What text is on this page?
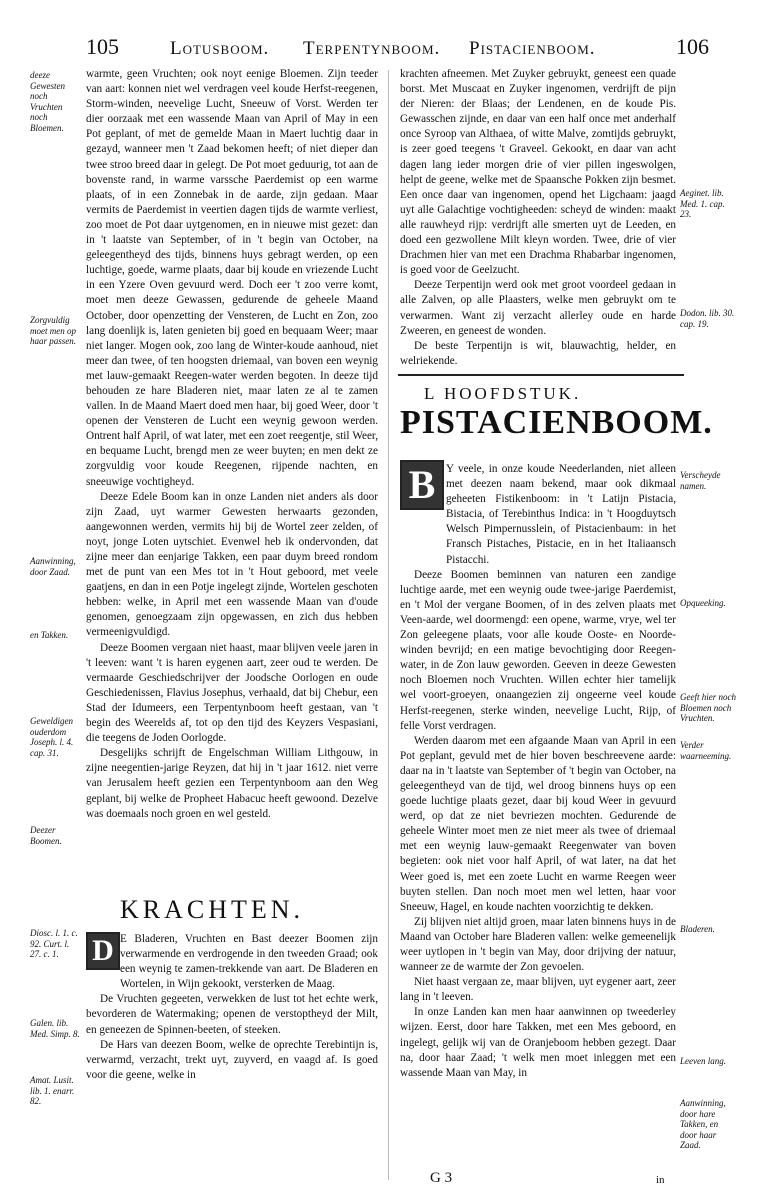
105	Lotusboom. Terpentynboom. Pistacienboom.	106
deeze Gewesten noch Vruchten noch Bloemen.
Zorgvuldig moet men op haar passen.
Aanwinning, door Zaad.
en Takken.
Geweldigen ouderdom Joseph. l. 4. cap. 31.
Deezer Boomen.
Diosc. l. 1. c. 92. Curt. l. 27. c. 1.
Galen. lib. Med. Simp. 8.
Amat. Lusit. lib. 1. enarr. 82.

warmte, geen Vruchten; ook noyt eenige Bloemen. Zijn teeder van aart: konnen niet wel verdragen veel koude Herfst-reegenen, Storm-winden, neevelige Lucht, Sneeuw of Vorst. Werden ter dier oorzaak met een wassende Maan van April of May in een Pot geplant, of met de gemelde Maan in Maert luchtig daar in gezayd, wanneer men 't Zaad bekomen heeft; of niet dieper dan twee stroo breed daar in gelegt. De Pot moet geduurig, tot aan de bovenste rand, in warme varssche Paerdemist op een warme plaats, of in een Zonnebak in de aarde, zijn gedaan. Maar vermits de Paerdemist in veertien dagen tijds de warmte verliest, zoo moet de Pot daar uytgenomen, en in nieuwe mist gezet: dan in 't laatste van September, of in 't begin van October, na geleegentheyd des tijds, binnens huys gebragt werden, op een luchtige, goede, warme plaats, daar bij koude en vriezende Lucht in een Yzere Oven gevuurd werd. Doch eer 't zoo verre komt, moet men deeze Gewassen, gedurende de geheele Maand October, door openzetting der Vensteren, de Lucht en Zon, zoo lang doenlijk is, laten genieten bij goed en bequaam Weer; maar niet langer. Mogen ook, zoo lang de Winter-koude aanhoud, niet meer dan twee, of ten hoogsten driemaal, van boven een weynig met lauw-gemaakt Reegen-water werden begoten. In deeze tijd behouden ze hare Bladeren niet, maar laten ze al te zamen vallen. In de Maand Maert doed men haar, bij goed Weer, door 't openen der Vensteren de Lucht een weynig gewoon werden. Ontrent half April, of wat later, met een zoet reegentje, stil Weer, en bequame Lucht, brengd men ze weer buyten; en men dekt ze zorgvuldig voor koude Reegenen, rijpende nachten, en sneeuwige vochtigheyd.

Deeze Edele Boom kan in onze Landen niet anders als door zijn Zaad, uyt warmer Gewesten herwaarts gezonden, aangewonnen werden, vermits hij bij de Wortel zeer zelden, of noyt, jonge Loten uytschiet. Evenwel heb ik ondervonden, dat zijne meer dan eenjarige Takken, een paar duym breed rondom met de punt van een Mes tot in 't Hout geboord, met veele gaatjens, en dan in een Potje ingelegt zijnde, Wortelen geschoten hebben: welke, in April met een wassende Maan van d'oude genomen, genoegzaam zijn opgewassen, en zich dus hebben vermeenigvuldigd.

Deeze Boomen vergaan niet haast, maar blijven veele jaren in 't leeven: want 't is haren eygenen aart, zeer oud te werden. De vermaarde Geschiedschrijver der Joodsche Oorlogen en oude Geschiedenissen, Flavius Josephus, verhaald, dat bij Chebur, een Stad der Idumeers, een Terpentynboom heeft gestaan, van 't begin des Weerelds af, tot op den tijd des Keyzers Vespasiani, die teegens de Joden Oorlogde.

Desgelijks schrijft de Engelschman William Lithgouw, in zijne neegentien-jarige Reyzen, dat hij in 't jaar 1612. niet verre van Jerusalem heeft gezien een Terpentynboom aan den Weg geplant, bij welke de Propheet Habacuc heeft gewoond. Dezelve was doemaals noch groen en wel gesteld.

KRACHTEN.
D E Bladeren, Vruchten en Bast deezer Boomen zijn verwarmende en verdrogende in den tweeden Graad; ook een weynig te zamen-trekkende van aart. De Bladeren en Wortelen, in Wijn gekookt, versterken de Maag.

De Vruchten gegeeten, verwekken de lust tot het echte werk, bevorderen de Watermaking; openen de verstoptheyd der Milt, en geneezen de Spinnen-beeten, of steeken.

De Hars van deezen Boom, welke de oprechte Terebintijn is, verwarmd, verzacht, trekt uyt, zuyverd, en vaagd af. Is goed voor die geene, welke in

Aeginet. lib. Med. 1. cap. 23.
Dodon. lib. 30. cap. 19.
Verscheyde namen.
Opqueeking.
Geeft hier noch Bloemen noch Vruchten.
Verder waarneeming.
Bladeren.
Leeven lang.
Aanwinning, door hare Takken, en door haar Zaad.

krachten afneemen. Met Zuyker gebruykt, geneest een quade borst. Met Muscaat en Zuyker ingenomen, verdrijft de pijn der Nieren: der Blaas; der Lendenen, en de koude Pis. Gewasschen zijnde, en daar van een half once met anderhalf once Syroop van Althaea, of witte Malve, zomtijds gebruykt, is zeer goed teegens 't Graveel. Gekookt, en daar van acht dagen lang ieder morgen drie of vier pillen ingeswolgen, helpt de geene, welke met de Spaansche Pokken zijn besmet. Een once daar van ingenomen, opend het Ligchaam: jaagd uyt alle Galachtige vochtigheeden: scheyd de winden: maakt alle rauwheyd rijp: verdrijft alle smerten uyt de Leeden, en doed een gezwollene Milt kleyn worden. Twee, drie of vier Drachmen hier van met een Drachma Rhabarbar ingenomen, is goed voor de Geelzucht.

Deeze Terpentijn werd ook met groot voordeel gedaan in alle Zalven, op alle Plaasters, welke men gebruykt om te verwarmen. Want zij verzacht allerley oude en harde Zweeren, en geneest de wonden.

De beste Terpentijn is wit, blauwachtig, helder, en welriekende.

L HOOFDSTUK.
PISTACIENBOOM.
B Y veele, in onze koude Neederlanden, niet alleen met deezen naam bekend, maar ook dikmaal geheeten Fistikenboom: in 't Latijn Pistacia, Bistacia, of Terebinthus Indica: in 't Hoogduytsch Welsch Pimpernusslein, of Pistacienbaum: in het Fransch Pistaches, Pistacie, en in het Italiaansch Pistacchi.

Deeze Boomen beminnen van naturen een zandige luchtige aarde, met een weynig oude twee-jarige Paerdemist, en 't Mol der vergane Boomen, of in des zelven plaats met Veen-aarde, wel doormengd: een opene, warme, vrye, wel ter Zon geleegene plaats, voor alle koude Ooste- en Noorde-winden bevrijd; en een matige bevochtiging door Reegen-water, in de Zon lauw geworden. Geeven in deeze Gewesten noch Bloemen noch Vruchten. Willen echter hier tamelijk wel voort-groeyen, onaangezien zij ongeerne veel koude Herfst-reegenen, sterke winden, neevelige Lucht, Rijp, of felle Vorst verdragen.

Werden daarom met een afgaande Maan van April in een Pot geplant, gevuld met de hier boven beschreevene aarde: daar na in 't laatste van September of 't begin van October, na geleegentheyd van de tijd, wel droog binnens huys op een goede luchtige plaats gezet, daar bij koud Weer in gevuurd werd, op dat ze niet bevriezen mochten. Gedurende de geheele Winter moet men ze niet meer als twee of driemaal met een weynig lauw-gemaakt Reegenwater van boven begieten: ook niet voor half April, of wat later, na dat het Weer goed is, met een zoete Lucht en warme Reegen weer buyten stellen. Dan noch moet men wel letten, haar voor Sneeuw, Hagel, en koude nachten voorzichtig te dekken.

Zij blijven niet altijd groen, maar laten binnens huys in de Maand van October hare Bladeren vallen: welke gemeenelijk weer uytlopen in 't begin van May, door drijving der natuur, wanneer ze de warmte der Zon gevoelen.

Niet haast vergaan ze, maar blijven, uyt eygener aart, zeer lang in 't leeven.

In onze Landen kan men haar aanwinnen op tweederley wijzen. Eerst, door hare Takken, met een Mes geboord, en ingelegt, gelijk wij van de Oranjeboom hebben gezegt. Daar na, door haar Zaad; 't welk men moet inleggen met een wassende Maan van May, in

G 3	in
